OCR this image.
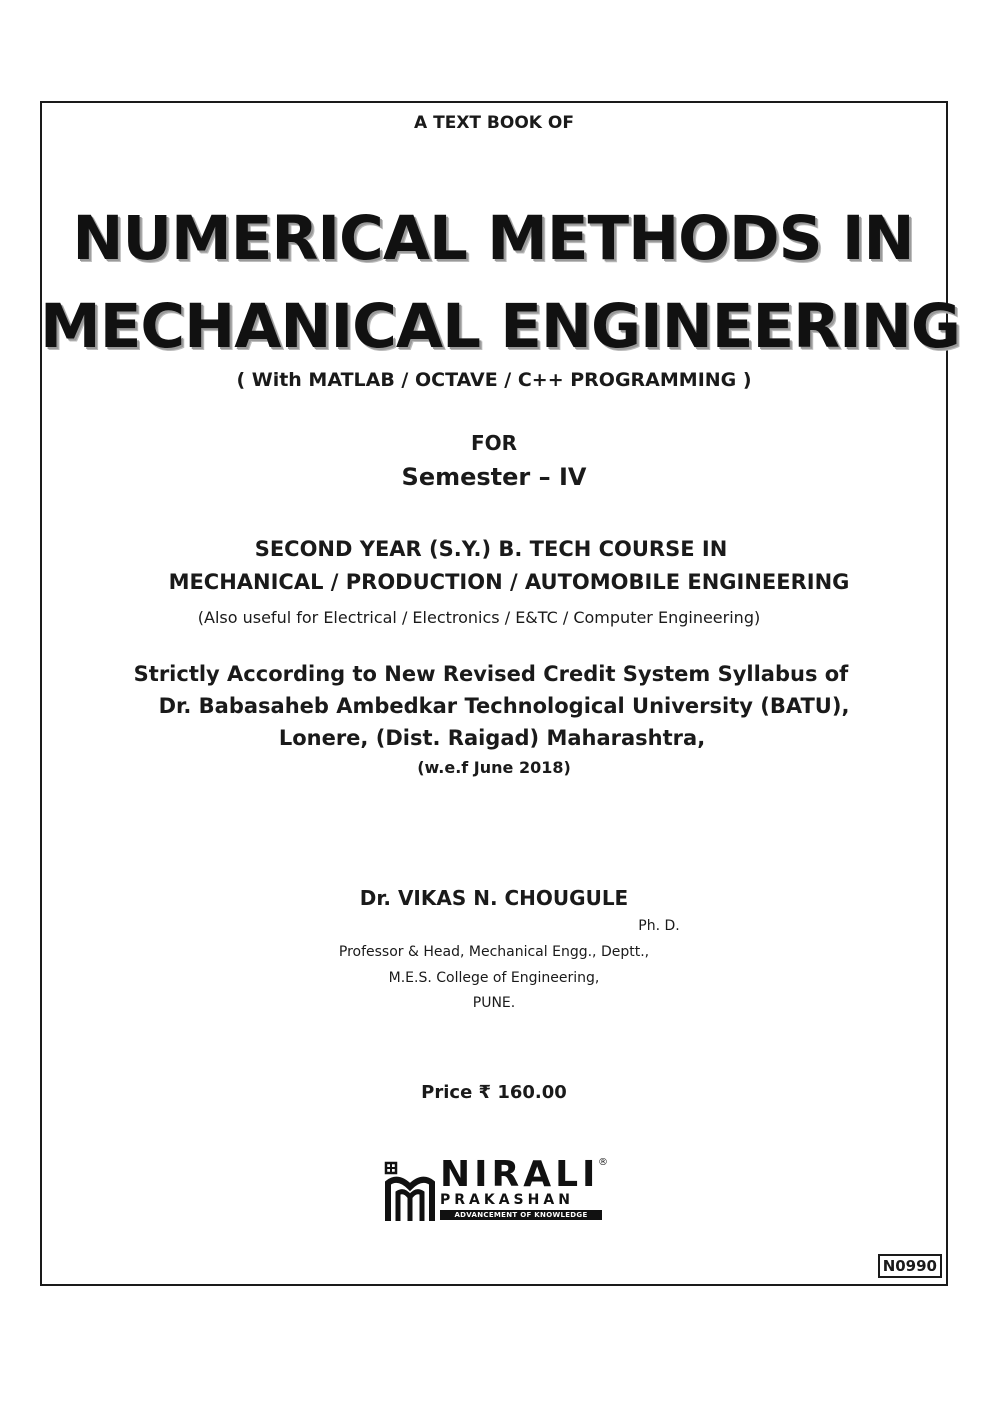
A TEXT BOOK OF
NUMERICAL METHODS IN
MECHANICAL ENGINEERING
( With MATLAB / OCTAVE / C++ PROGRAMMING )
FOR
Semester – IV
SECOND YEAR (S.Y.) B. TECH COURSE IN
MECHANICAL / PRODUCTION / AUTOMOBILE ENGINEERING
(Also useful for Electrical / Electronics / E&TC / Computer Engineering)
Strictly According to New Revised Credit System Syllabus of
Dr. Babasaheb Ambedkar Technological University (BATU),
Lonere, (Dist. Raigad) Maharashtra,
(w.e.f June 2018)
Dr. VIKAS N. CHOUGULE
Ph. D.
Professor & Head, Mechanical Engg., Deptt.,
M.E.S. College of Engineering,
PUNE.
Price ₹ 160.00
NIRALI
®
PRAKASHAN
ADVANCEMENT OF KNOWLEDGE
N0990
